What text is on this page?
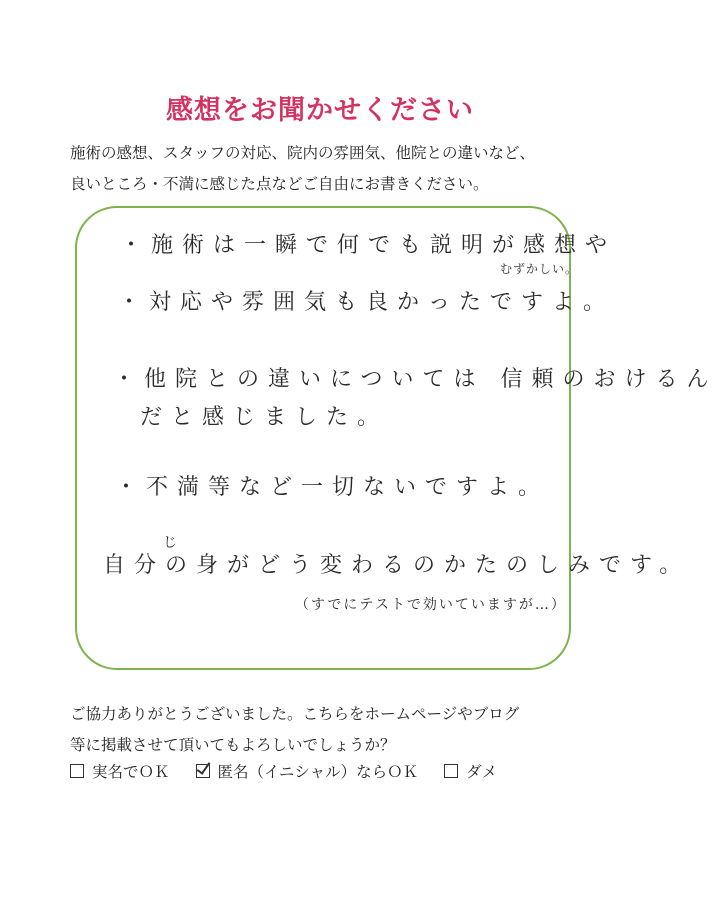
感想をお聞かせください
施術の感想、スタッフの対応、院内の雰囲気、他院との違いなど、
良いところ・不満に感じた点などご自由にお書きください。
・施術は一瞬で何でも説明が感想や
むずかしい。
・対応や雰囲気も良かったですよ。
・他院との違いについては 信頼のおけるん
だと感じました。
・不満等など一切ないですよ。
じ
自分の身がどう変わるのかたのしみです。
（すでにテストで効いていますが…）
ご協力ありがとうございました。こちらをホームページやブログ
等に掲載させて頂いてもよろしいでしょうか？
実名でＯＫ	匿名（イニシャル）ならＯＫ	ダメ
